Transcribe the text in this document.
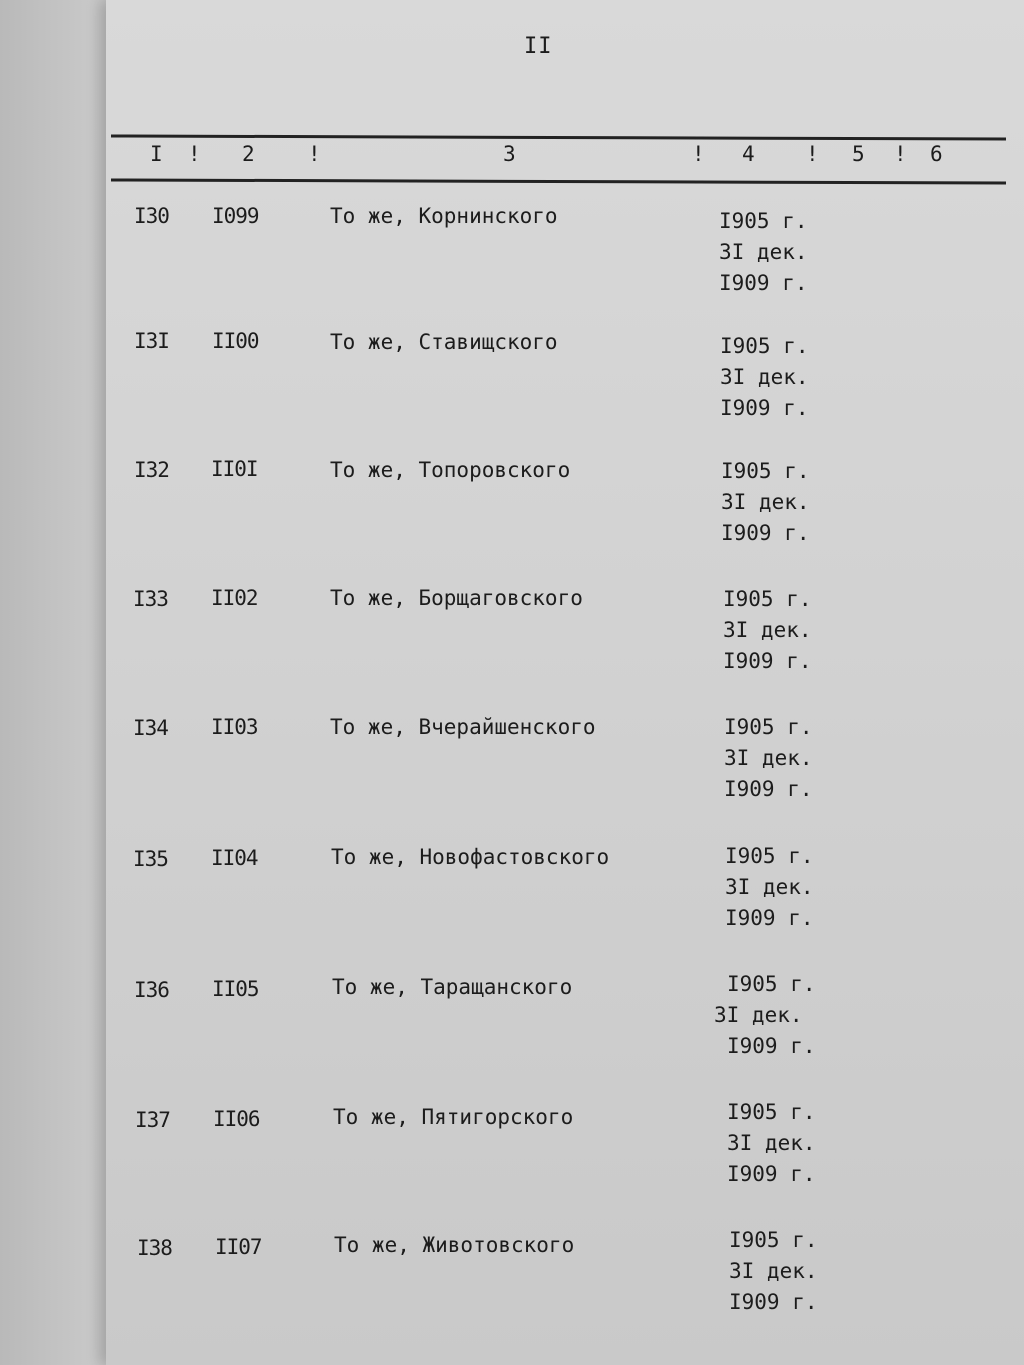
II
I ! 2	!	3	! 4 ! 5 ! 6
I30 I099	То же, Корнинского	I905 г.
3I дек.
I909 г.
I3I II00	То же, Ставищского	I905 г.
3I дек.
I909 г.
I32 II0I	То же, Топоровского	I905 г.
3I дек.
I909 г.
I33 II02	То же, Борщаговского	I905 г.
3I дек.
I909 г.
I34 II03	То же, Вчерайшенского	I905 г.
3I дек.
I909 г.
I35 II04	То же, Новофастовского	I905 г.
3I дек.
I909 г.
I36 II05	То же, Таращанского	I905 г.
3I дек.
I909 г.
I37 II06	То же, Пятигорского	I905 г.
3I дек.
I909 г.
I38 II07	То же, Животовского	I905 г.
3I дек.
I909 г.
